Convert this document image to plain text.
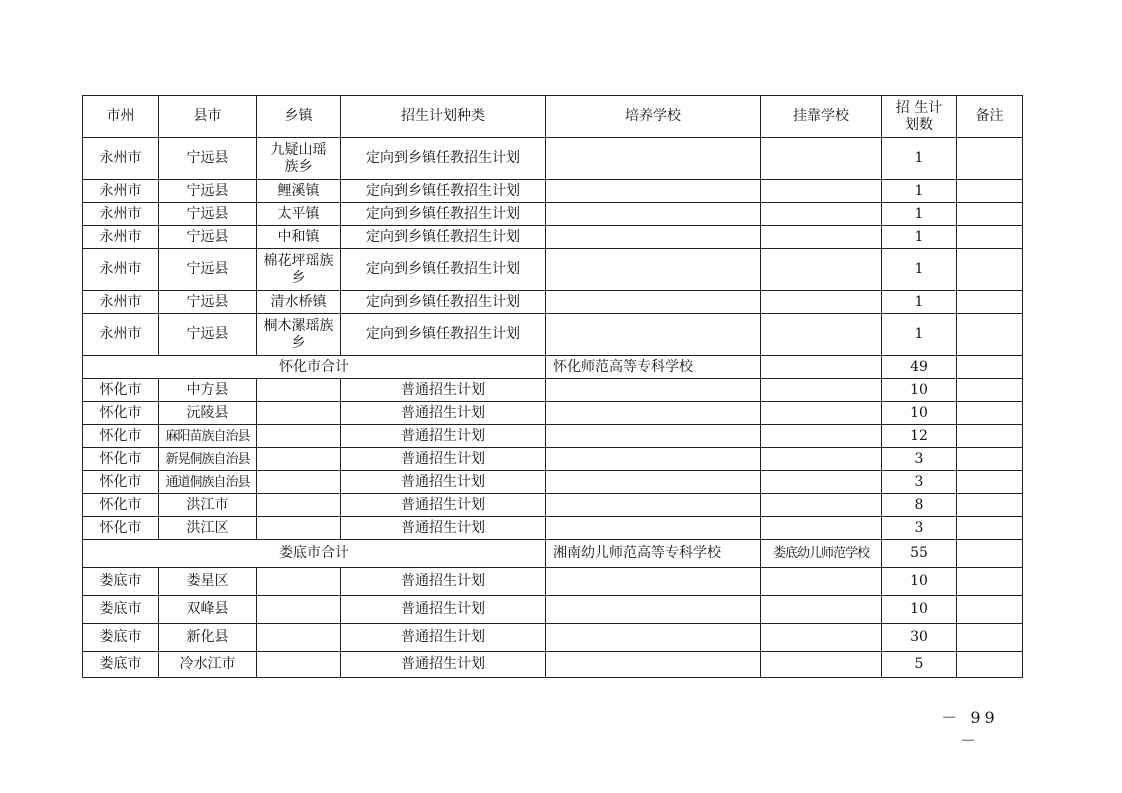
市州	县市	乡镇	招生计划种类	培养学校	挂靠学校	招 生计划数	备注
永州市	宁远县	九疑山瑶族乡	定向到乡镇任教招生计划			1	
永州市	宁远县	鲤溪镇	定向到乡镇任教招生计划			1	
永州市	宁远县	太平镇	定向到乡镇任教招生计划			1	
永州市	宁远县	中和镇	定向到乡镇任教招生计划			1	
永州市	宁远县	棉花坪瑶族乡	定向到乡镇任教招生计划			1	
永州市	宁远县	清水桥镇	定向到乡镇任教招生计划			1	
永州市	宁远县	桐木漯瑶族乡	定向到乡镇任教招生计划			1	
怀化市合计				怀化师范高等专科学校		49	
怀化市	中方县		普通招生计划			10	
怀化市	沅陵县		普通招生计划			10	
怀化市	麻阳苗族自治县		普通招生计划			12	
怀化市	新晃侗族自治县		普通招生计划			3	
怀化市	通道侗族自治县		普通招生计划			3	
怀化市	洪江市		普通招生计划			8	
怀化市	洪江区		普通招生计划			3	
娄底市合计				湘南幼儿师范高等专科学校	娄底幼儿师范学校	55	
娄底市	娄星区		普通招生计划			10	
娄底市	双峰县		普通招生计划			10	
娄底市	新化县		普通招生计划			30	
娄底市	冷水江市		普通招生计划			5	
－ 99 －
